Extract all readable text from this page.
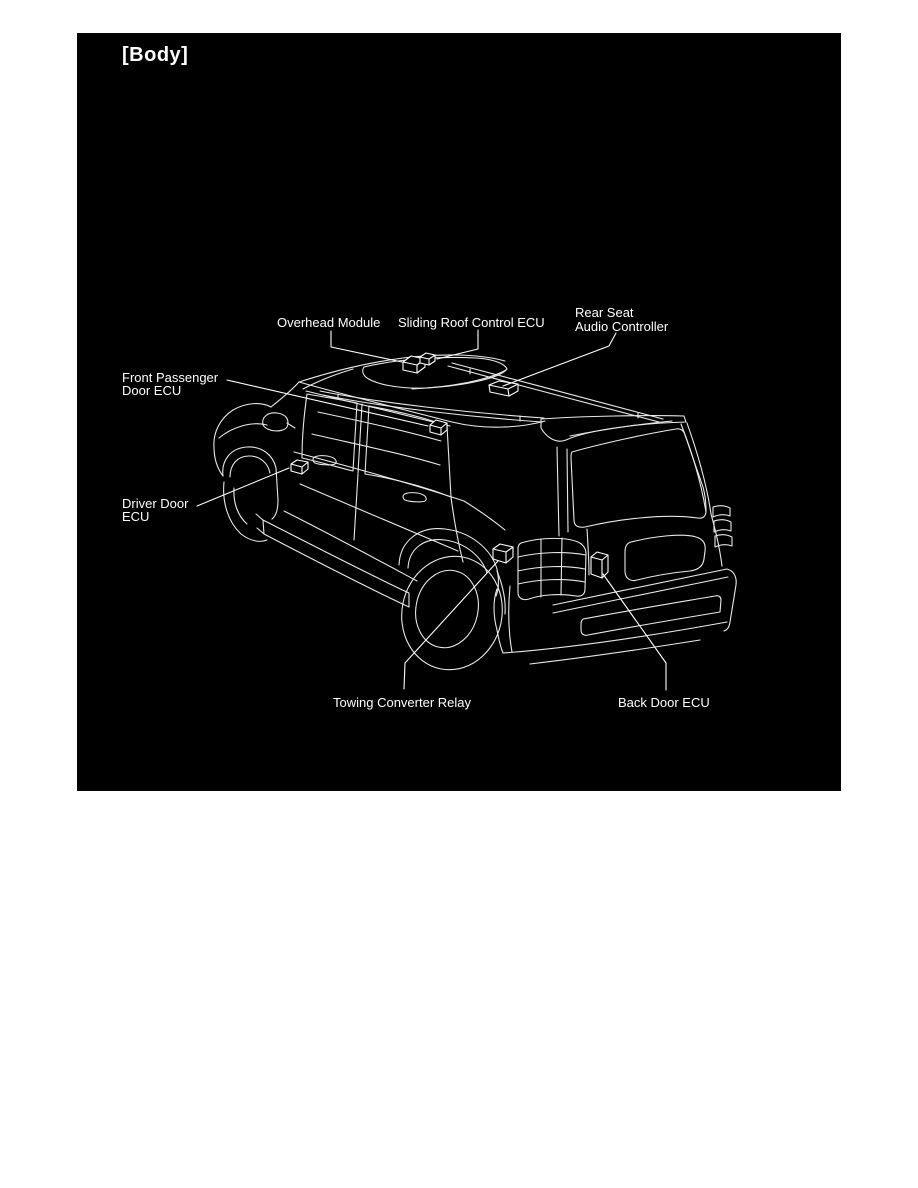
[Body]
Overhead Module Sliding Roof Control ECU
Rear Seat
Audio Controller
Front Passenger
Door ECU
Driver Door
ECU
Towing Converter Relay	Back Door ECU
